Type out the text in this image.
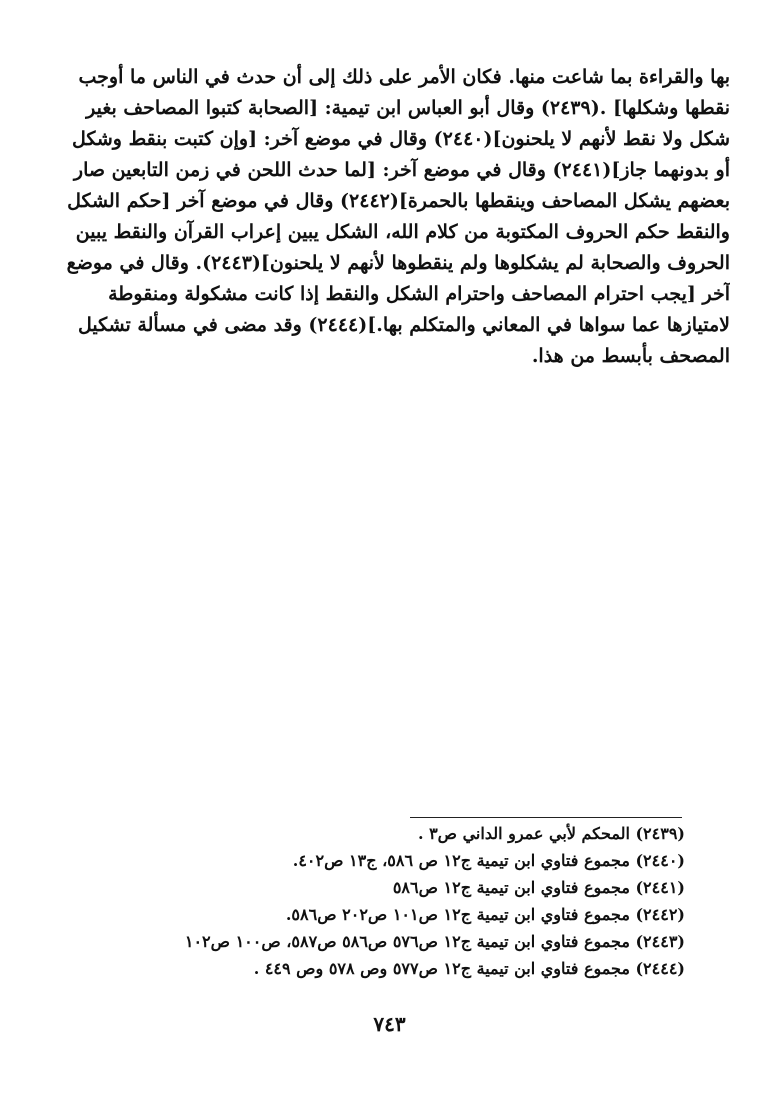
بها والقراءة بما شاعت منها. فكان الأمر على ذلك إلى أن حدث في الناس ما أوجب
نقطها وشكلها] .(٢٤٣٩) وقال أبو العباس ابن تيمية: [الصحابة كتبوا المصاحف بغير
شكل ولا نقط لأنهم لا يلحنون](٢٤٤٠) وقال في موضع آخر: [وإن كتبت بنقط وشكل
أو بدونهما جاز](٢٤٤١) وقال في موضع آخر: [لما حدث اللحن في زمن التابعين صار
بعضهم يشكل المصاحف وينقطها بالحمرة](٢٤٤٢) وقال في موضع آخر [حكم الشكل
والنقط حكم الحروف المكتوبة من كلام الله، الشكل يبين إعراب القرآن والنقط يبين
الحروف والصحابة لم يشكلوها ولم ينقطوها لأنهم لا يلحنون](٢٤٤٣). وقال في موضع
آخر [يجب احترام المصاحف واحترام الشكل والنقط إذا كانت مشكولة ومنقوطة
لامتيازها عما سواها في المعاني والمتكلم بها.](٢٤٤٤) وقد مضى في مسألة تشكيل
المصحف بأبسط من هذا.
(٢٤٣٩) المحكم لأبي عمرو الداني ص٣ .
(٢٤٤٠) مجموع فتاوي ابن تيمية ج١٢ ص ٥٨٦، ج١٣ ص٤٠٢.
(٢٤٤١) مجموع فتاوي ابن تيمية ج١٢ ص٥٨٦
(٢٤٤٢) مجموع فتاوي ابن تيمية ج١٢ ص١٠١ ص٢٠٢ ص٥٨٦.
(٢٤٤٣) مجموع فتاوي ابن تيمية ج١٢ ص٥٧٦ ص٥٨٦ ص٥٨٧، ص١٠٠ ص١٠٢
(٢٤٤٤) مجموع فتاوي ابن تيمية ج١٢ ص٥٧٧ وص ٥٧٨ وص ٤٤٩ .
٧٤٣
